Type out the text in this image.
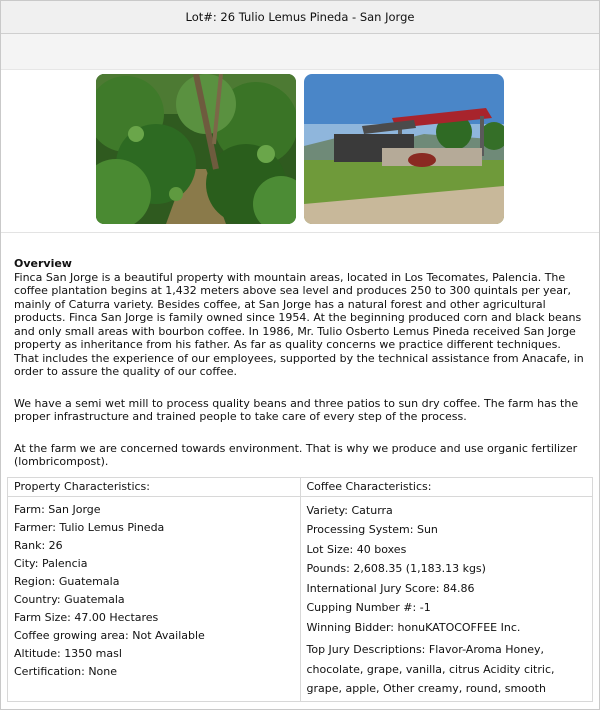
Lot#: 26 Tulio Lemus Pineda - San Jorge
Overview

Finca San Jorge is a beautiful property with mountain areas, located in Los Tecomates, Palencia. The coffee plantation begins at 1,432 meters above sea level and produces 250 to 300 quintals per year, mainly of Caturra variety. Besides coffee, at San Jorge has a natural forest and other agricultural products. Finca San Jorge is family owned since 1954. At the beginning produced corn and black beans and only small areas with bourbon coffee. In 1986, Mr. Tulio Osberto Lemus Pineda received San Jorge property as inheritance from his father. As far as quality concerns we practice different techniques. That includes the experience of our employees, supported by the technical assistance from Anacafe, in order to assure the quality of our coffee.

We have a semi wet mill to process quality beans and three patios to sun dry coffee. The farm has the proper infrastructure and trained people to take care of every step of the process.

At the farm we are concerned towards environment. That is why we produce and use organic fertilizer (lombricompost).

Property Characteristics:
Farm: San Jorge
Farmer: Tulio Lemus Pineda
Rank: 26
City: Palencia
Region: Guatemala
Country: Guatemala
Farm Size: 47.00 Hectares
Coffee growing area: Not Available
Altitude: 1350 masl
Certification: None
Coffee Characteristics:
Variety: Caturra
Processing System: Sun
Lot Size: 40 boxes
Pounds: 2,608.35 (1,183.13 kgs)
International Jury Score: 84.86
Cupping Number #: -1
Winning Bidder: honuKATOCOFFEE Inc.
Top Jury Descriptions: Flavor-Aroma Honey, chocolate, grape, vanilla, citrus Acidity citric, grape, apple, Other creamy, round, smooth
